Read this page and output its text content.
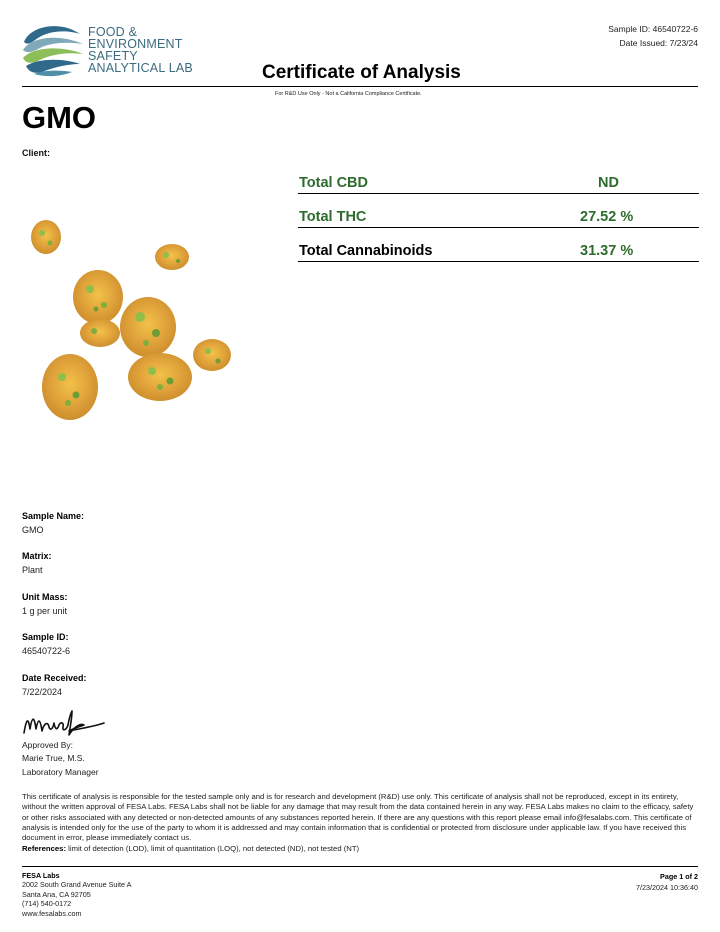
FOOD &
ENVIRONMENT
SAFETY
ANALYTICAL LAB
Sample ID: 46540722-6
Date Issued: 7/23/24
Certificate of Analysis
For R&D Use Only - Not a California Compliance Certificate.
GMO
Client:
Total CBD	ND
Total THC	27.52 %
Total Cannabinoids	31.37 %
Sample Name:
GMO
Matrix:
Plant
Unit Mass:
1 g per unit
Sample ID:
46540722-6
Date Received:
7/22/2024
Approved By:
Marie True, M.S.
Laboratory Manager
This certificate of analysis is responsible for the tested sample only and is for research and development (R&D) use only. This certificate of analysis shall not be reproduced, except in its entirety, without the written approval of FESA Labs. FESA Labs shall not be liable for any damage that may result from the data contained herein in any way. FESA Labs makes no claim to the efficacy, safety or other risks associated with any detected or non-detected amounts of any substances reported herein. If there are any questions with this report please email info@fesalabs.com. This certificate of analysis is intended only for the use of the party to whom it is addressed and may contain information that is confidential or protected from disclosure under applicable law. If you have received this document in error, please immediately contact us.
References: limit of detection (LOD), limit of quantitation (LOQ), not detected (ND), not tested (NT)
FESA Labs
2002 South Grand Avenue Suite A
Santa Ana, CA 92705
(714) 540-0172
www.fesalabs.com
Page 1 of 2
7/23/2024 10:36:40
